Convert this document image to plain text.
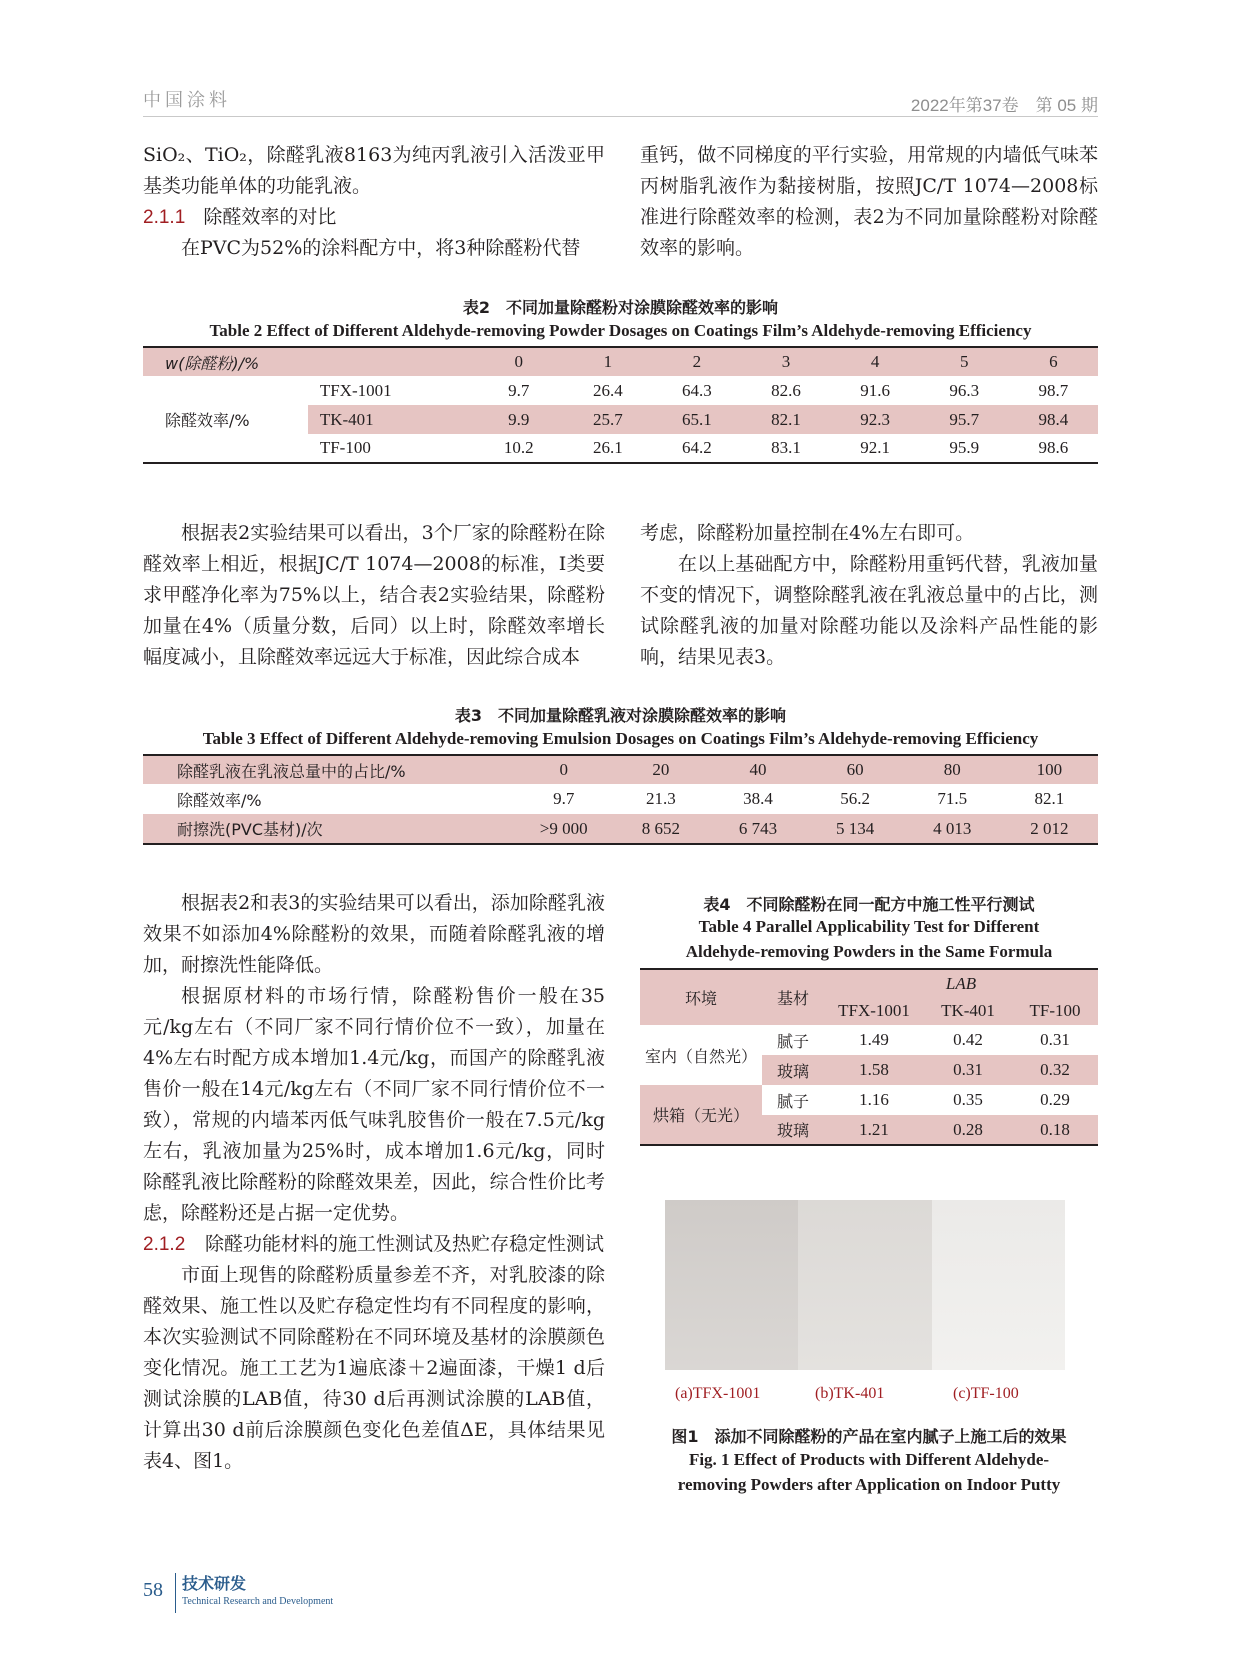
中国涂料	2022年第37卷　第 05 期

SiO₂、TiO₂，除醛乳液8163为纯丙乳液引入活泼亚甲基类功能单体的功能乳液。

2.1.1 除醛效率的对比

在PVC为52%的涂料配方中，将3种除醛粉代替

重钙，做不同梯度的平行实验，用常规的内墙低气味苯丙树脂乳液作为黏接树脂，按照JC/T 1074—2008标准进行除醛效率的检测，表2为不同加量除醛粉对除醛效率的影响。

表2　不同加量除醛粉对涂膜除醛效率的影响
Table 2 Effect of Different Aldehyde-removing Powder Dosages on Coatings Film’s Aldehyde-removing Efficiency
w(除醛粉)/%		0	1	2	3	4	5	6
除醛效率/%	TFX-1001	9.7	26.4	64.3	82.6	91.6	96.3	98.7
	TK-401	9.9	25.7	65.1	82.1	92.3	95.7	98.4
	TF-100	10.2	26.1	64.2	83.1	92.1	95.9	98.6

根据表2实验结果可以看出，3个厂家的除醛粉在除醛效率上相近，根据JC/T 1074—2008的标准，Ⅰ类要求甲醛净化率为75%以上，结合表2实验结果，除醛粉加量在4%（质量分数，后同）以上时，除醛效率增长幅度减小，且除醛效率远远大于标准，因此综合成本

考虑，除醛粉加量控制在4%左右即可。

在以上基础配方中，除醛粉用重钙代替，乳液加量不变的情况下，调整除醛乳液在乳液总量中的占比，测试除醛乳液的加量对除醛功能以及涂料产品性能的影响，结果见表3。

表3　不同加量除醛乳液对涂膜除醛效率的影响
Table 3 Effect of Different Aldehyde-removing Emulsion Dosages on Coatings Film’s Aldehyde-removing Efficiency
除醛乳液在乳液总量中的占比/%	0	20	40	60	80	100
除醛效率/%	9.7	21.3	38.4	56.2	71.5	82.1
耐擦洗(PVC基材)/次	>9 000	8 652	6 743	5 134	4 013	2 012

根据表2和表3的实验结果可以看出，添加除醛乳液效果不如添加4%除醛粉的效果，而随着除醛乳液的增加，耐擦洗性能降低。

根据原材料的市场行情，除醛粉售价一般在35元/kg左右（不同厂家不同行情价位不一致），加量在4%左右时配方成本增加1.4元/kg，而国产的除醛乳液售价一般在14元/kg左右（不同厂家不同行情价位不一致），常规的内墙苯丙低气味乳胶售价一般在7.5元/kg左右，乳液加量为25%时，成本增加1.6元/kg，同时除醛乳液比除醛粉的除醛效果差，因此，综合性价比考虑，除醛粉还是占据一定优势。

2.1.2	除醛功能材料的施工性测试及热贮存稳定性测试

市面上现售的除醛粉质量参差不齐，对乳胶漆的除醛效果、施工性以及贮存稳定性均有不同程度的影响，本次实验测试不同除醛粉在不同环境及基材的涂膜颜色变化情况。施工工艺为1遍底漆＋2遍面漆，干燥1 d后测试涂膜的LAB值，待30 d后再测试涂膜的LAB值，计算出30 d前后涂膜颜色变化色差值ΔE，具体结果见表4、图1。

表4　不同除醛粉在同一配方中施工性平行测试
Table 4 Parallel Applicability Test for Different
Aldehyde-removing Powders in the Same Formula
环境	基材	LAB		
		TFX-1001	TK-401	TF-100
室内（自然光）	腻子	1.49	0.42	0.31
	玻璃	1.58	0.31	0.32
烘箱（无光）	腻子	1.16	0.35	0.29
	玻璃	1.21	0.28	0.18
(a)TFX-1001	(b)TK-401	(c)TF-100
图1　添加不同除醛粉的产品在室内腻子上施工后的效果
Fig. 1 Effect of Products with Different Aldehyde-
removing Powders after Application on Indoor Putty
58 技术研发
Technical Research and Development
